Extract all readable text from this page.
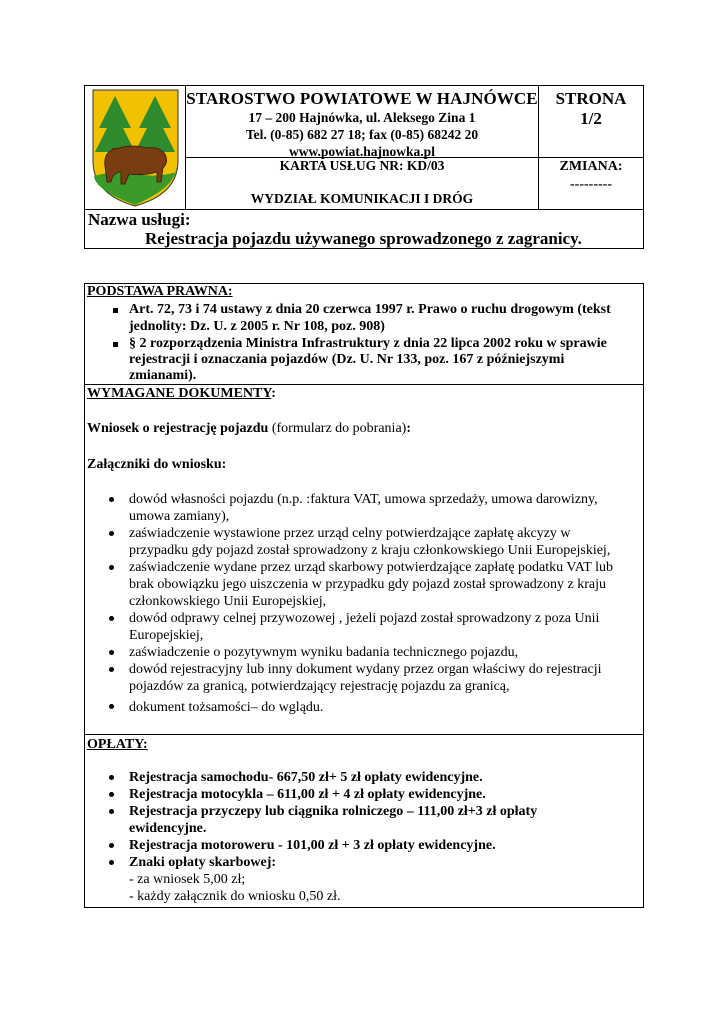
STAROSTWO POWIATOWE W HAJNÓWCE
17 – 200 Hajnówka, ul. Aleksego Zina 1
Tel. (0-85) 682 27 18; fax (0-85) 68242 20
www.powiat.hajnowka.pl
KARTA USŁUG NR: KD/03
WYDZIAŁ KOMUNIKACJI I DRÓG
STRONA
1/2
ZMIANA:
---------
Nazwa usługi:
Rejestracja pojazdu używanego sprowadzonego z zagranicy.
PODSTAWA PRAWNA:
Art. 72, 73 i 74 ustawy z dnia 20 czerwca 1997 r. Prawo o ruchu drogowym (tekst
jednolity: Dz. U. z 2005 r. Nr 108, poz. 908)
§ 2 rozporządzenia Ministra Infrastruktury z dnia 22 lipca 2002 roku w sprawie
rejestracji i oznaczania pojazdów (Dz. U. Nr 133, poz. 167 z późniejszymi
zmianami).
WYMAGANE DOKUMENTY:
Wniosek o rejestrację pojazdu (formularz do pobrania):
Załączniki do wniosku:
dowód własności pojazdu (n.p. :faktura VAT, umowa sprzedaży, umowa darowizny,
umowa zamiany),
zaświadczenie wystawione przez urząd celny potwierdzające zapłatę akcyzy w
przypadku gdy pojazd został sprowadzony z kraju członkowskiego Unii Europejskiej,
zaświadczenie wydane przez urząd skarbowy potwierdzające zapłatę podatku VAT lub
brak obowiązku jego uiszczenia w przypadku gdy pojazd został sprowadzony z kraju
członkowskiego Unii Europejskiej,
dowód odprawy celnej przywozowej , jeżeli pojazd został sprowadzony z poza Unii
Europejskiej,
zaświadczenie o pozytywnym wyniku badania technicznego pojazdu,
dowód rejestracyjny lub inny dokument wydany przez organ właściwy do rejestracji
pojazdów za granicą, potwierdzający rejestrację pojazdu za granicą,
dokument tożsamości– do wglądu.
OPŁATY:
Rejestracja samochodu- 667,50 zł+ 5 zł opłaty ewidencyjne.
Rejestracja motocykla – 611,00 zł + 4 zł opłaty ewidencyjne.
Rejestracja przyczepy lub ciągnika rolniczego – 111,00 zł+3 zł opłaty
ewidencyjne.
Rejestracja motoroweru - 101,00 zł + 3 zł opłaty ewidencyjne.
Znaki opłaty skarbowej:
- za wniosek 5,00 zł;
- każdy załącznik do wniosku 0,50 zł.
